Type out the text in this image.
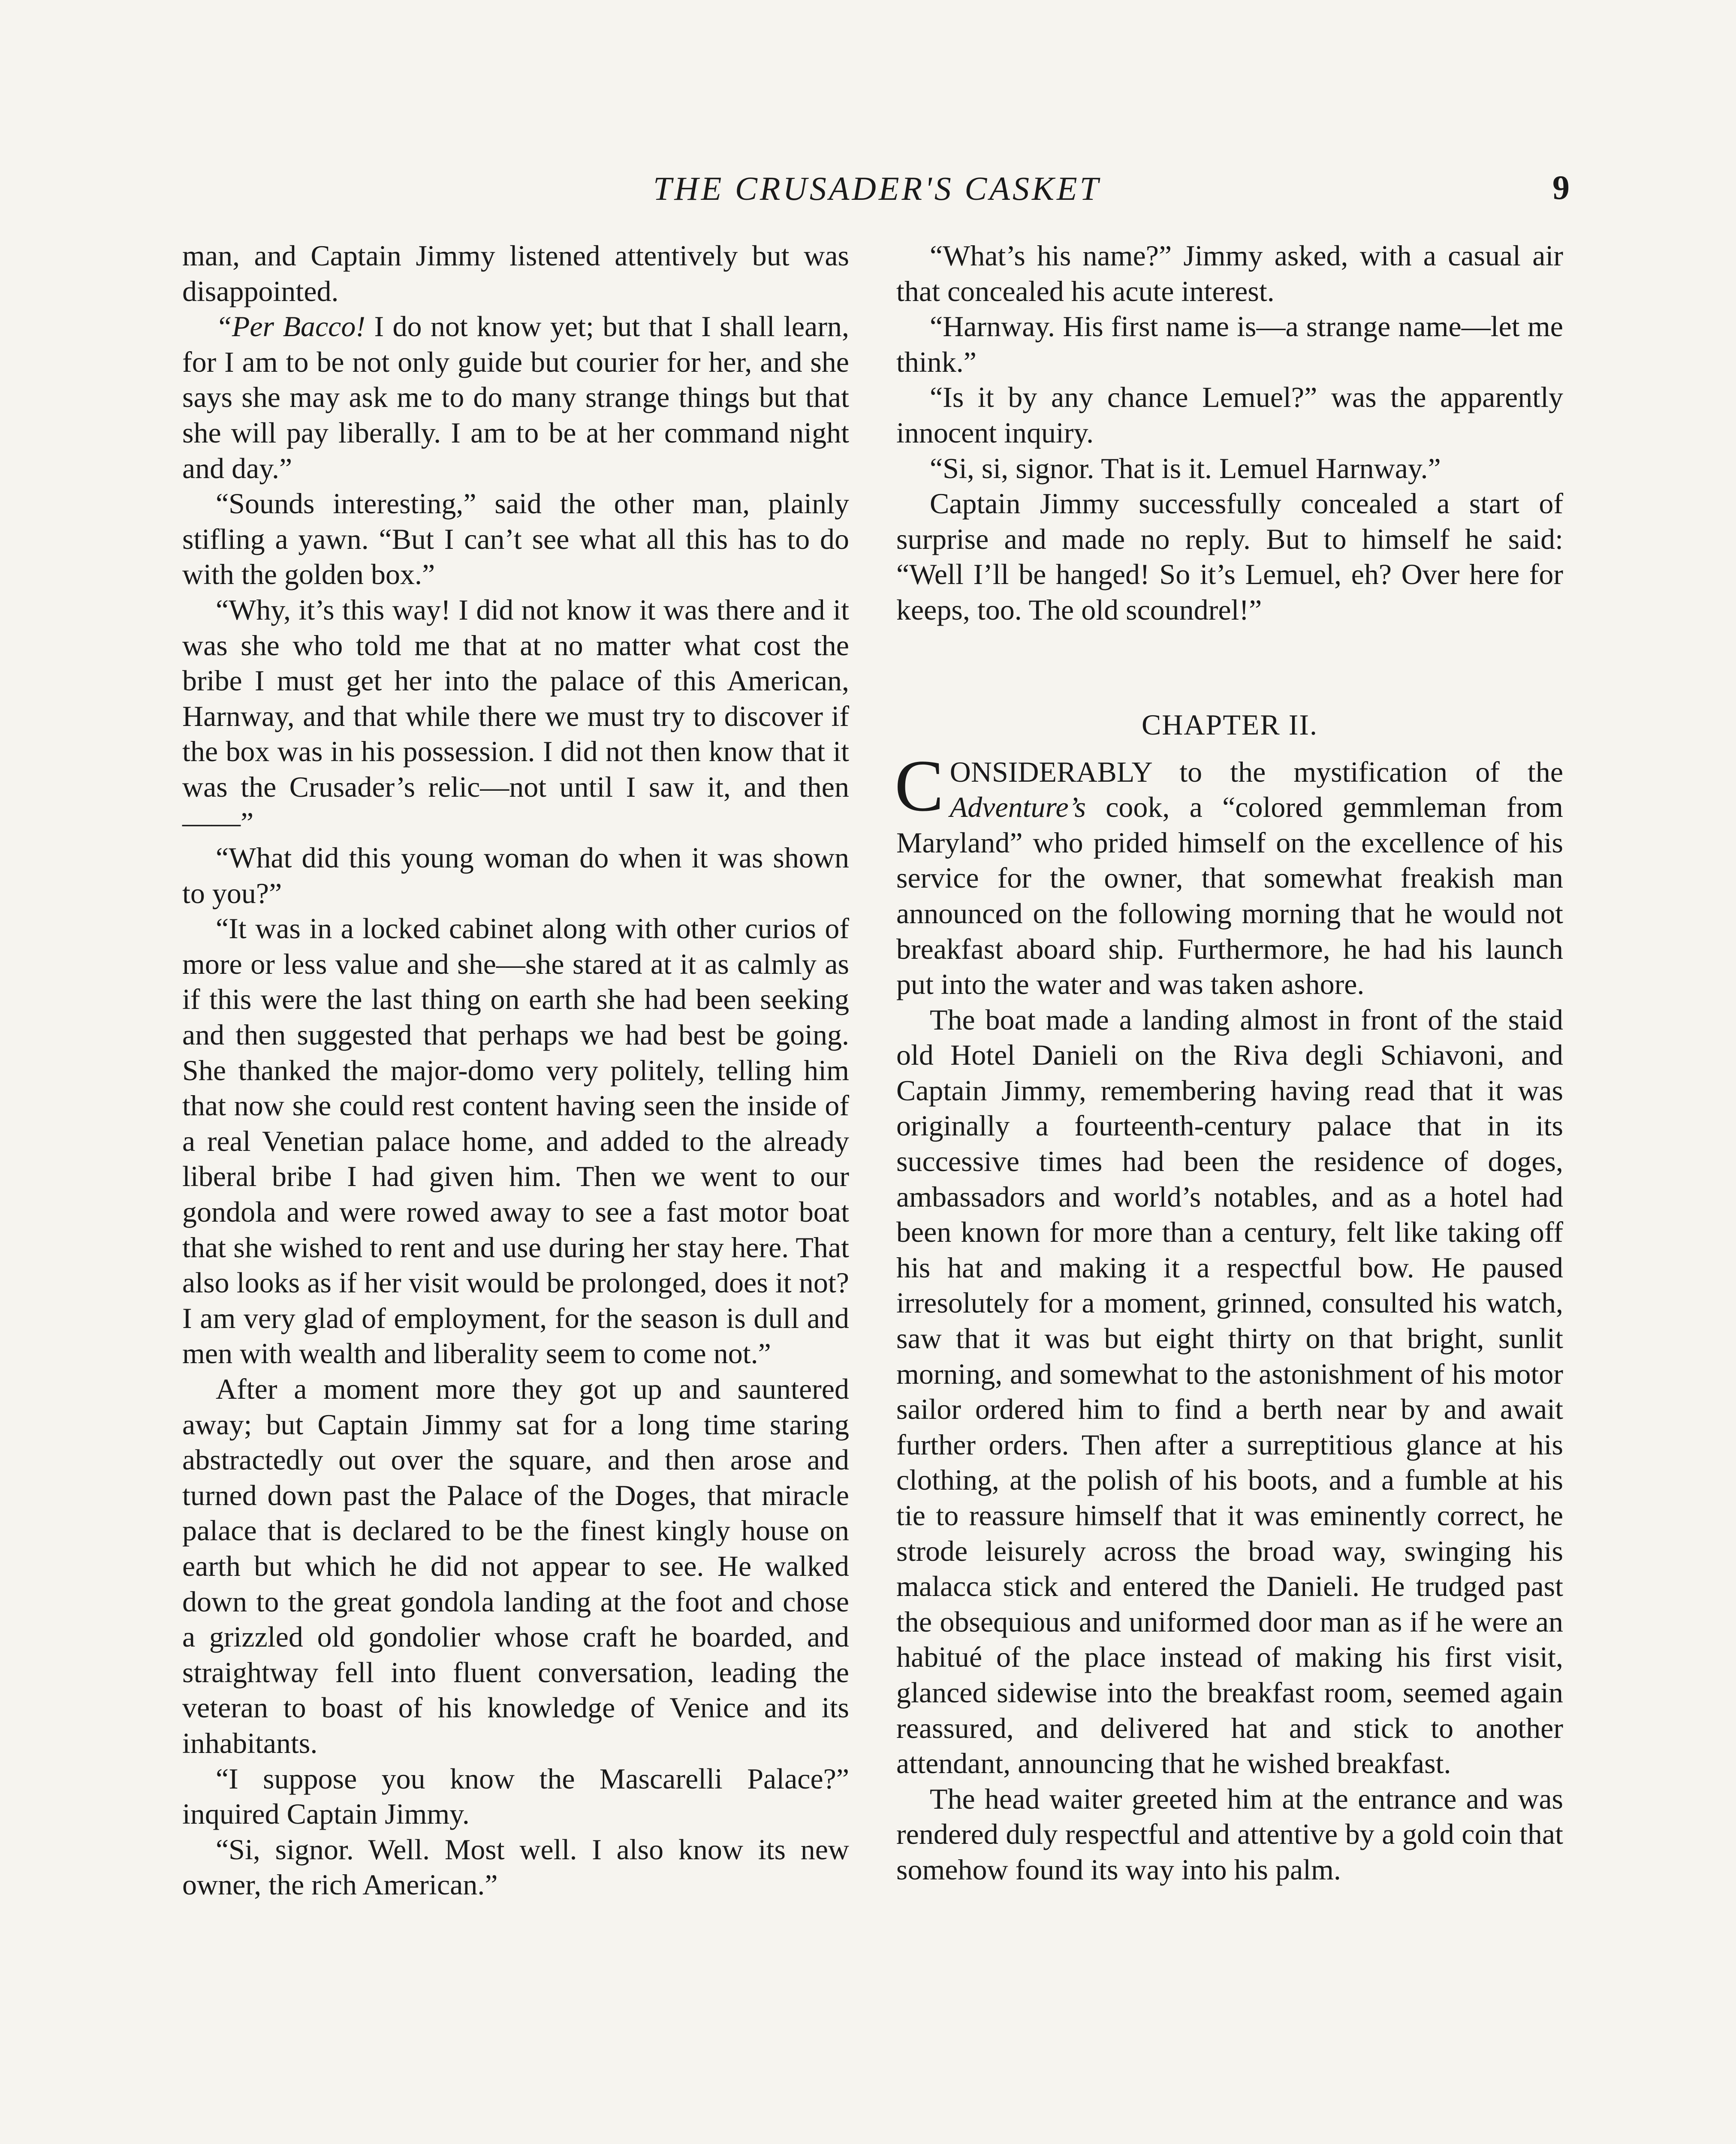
THE CRUSADER'S CASKET	9

man, and Captain Jimmy listened attentively but was disappointed.

“Per Bacco! I do not know yet; but that I shall learn, for I am to be not only guide but courier for her, and she says she may ask me to do many strange things but that she will pay liberally. I am to be at her command night and day.”

“Sounds interesting,” said the other man, plainly stifling a yawn. “But I can’t see what all this has to do with the golden box.”

“Why, it’s this way! I did not know it was there and it was she who told me that at no matter what cost the bribe I must get her into the palace of this American, Harnway, and that while there we must try to discover if the box was in his possession. I did not then know that it was the Crusader’s relic—not until I saw it, and then——”

“What did this young woman do when it was shown to you?”

“It was in a locked cabinet along with other curios of more or less value and she—she stared at it as calmly as if this were the last thing on earth she had been seeking and then suggested that perhaps we had best be going. She thanked the major-domo very politely, telling him that now she could rest content having seen the inside of a real Venetian palace home, and added to the already liberal bribe I had given him. Then we went to our gondola and were rowed away to see a fast motor boat that she wished to rent and use during her stay here. That also looks as if her visit would be prolonged, does it not? I am very glad of employment, for the season is dull and men with wealth and liberality seem to come not.”

After a moment more they got up and sauntered away; but Captain Jimmy sat for a long time staring abstractedly out over the square, and then arose and turned down past the Palace of the Doges, that miracle palace that is declared to be the finest kingly house on earth but which he did not appear to see. He walked down to the great gondola landing at the foot and chose a grizzled old gondolier whose craft he boarded, and straightway fell into fluent conversation, leading the veteran to boast of his knowledge of Venice and its inhabitants.

“I suppose you know the Mascarelli Palace?” inquired Captain Jimmy.

“Si, signor. Well. Most well. I also know its new owner, the rich American.”

“What’s his name?” Jimmy asked, with a casual air that concealed his acute interest.

“Harnway. His first name is—a strange name—let me think.”

“Is it by any chance Lemuel?” was the apparently innocent inquiry.

“Si, si, signor. That is it. Lemuel Harnway.”

Captain Jimmy successfully concealed a start of surprise and made no reply. But to himself he said: “Well I’ll be hanged! So it’s Lemuel, eh? Over here for keeps, too. The old scoundrel!”

CHAPTER II.

CONSIDERABLY to the mystification of the Adventure’s cook, a “colored gemmleman from Maryland” who prided himself on the excellence of his service for the owner, that somewhat freakish man announced on the following morning that he would not breakfast aboard ship. Furthermore, he had his launch put into the water and was taken ashore.

The boat made a landing almost in front of the staid old Hotel Danieli on the Riva degli Schiavoni, and Captain Jimmy, remembering having read that it was originally a fourteenth-century palace that in its successive times had been the residence of doges, ambassadors and world’s notables, and as a hotel had been known for more than a century, felt like taking off his hat and making it a respectful bow. He paused irresolutely for a moment, grinned, consulted his watch, saw that it was but eight thirty on that bright, sunlit morning, and somewhat to the astonishment of his motor sailor ordered him to find a berth near by and await further orders. Then after a surreptitious glance at his clothing, at the polish of his boots, and a fumble at his tie to reassure himself that it was eminently correct, he strode leisurely across the broad way, swinging his malacca stick and entered the Danieli. He trudged past the obsequious and uniformed door man as if he were an habitué of the place instead of making his first visit, glanced sidewise into the breakfast room, seemed again reassured, and delivered hat and stick to another attendant, announcing that he wished breakfast.

The head waiter greeted him at the entrance and was rendered duly respectful and attentive by a gold coin that somehow found its way into his palm.
